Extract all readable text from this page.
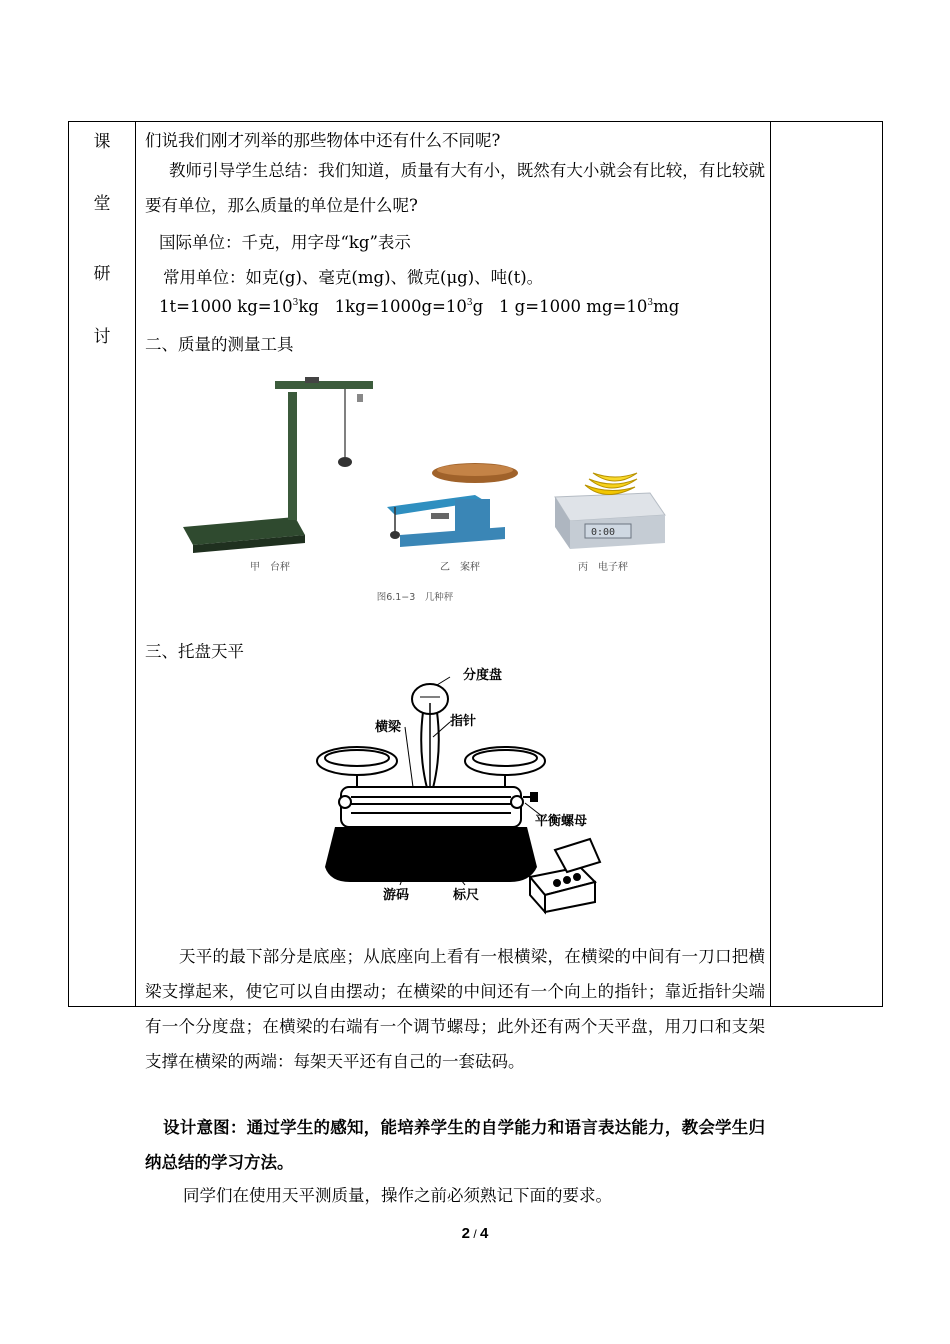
课
堂
研
讨
们说我们刚才列举的那些物体中还有什么不同呢?
教师引导学生总结：我们知道，质量有大有小，既然有大小就会有比较，有比较就要有单位，那么质量的单位是什么呢?
国际单位：千克，用字母“kg”表示
常用单位：如克(g)、毫克(mg)、微克(μg)、吨(t)。
1t=1000 $kg=10^3kg$ $1kg=1000g=10^3g$ 1 g=1000 $mg=10^3mg$
二、质量的测量工具
0:00
甲　台秤	乙　案秤	丙　电子秤
图6.1−3　几种秤
三、托盘天平
分度盘
横梁	指针
平衡螺母
游码	标尺
天平的最下部分是底座；从底座向上看有一根横梁，在横梁的中间有一刀口把横梁支撑起来，使它可以自由摆动；在横梁的中间还有一个向上的指针；靠近指针尖端有一个分度盘；在横梁的右端有一个调节螺母；此外还有两个天平盘，用刀口和支架支撑在横梁的两端：每架天平还有自己的一套砝码。
设计意图：通过学生的感知，能培养学生的自学能力和语言表达能力，教会学生归纳总结的学习方法。
同学们在使用天平测质量，操作之前必须熟记下面的要求。
2 / 4
